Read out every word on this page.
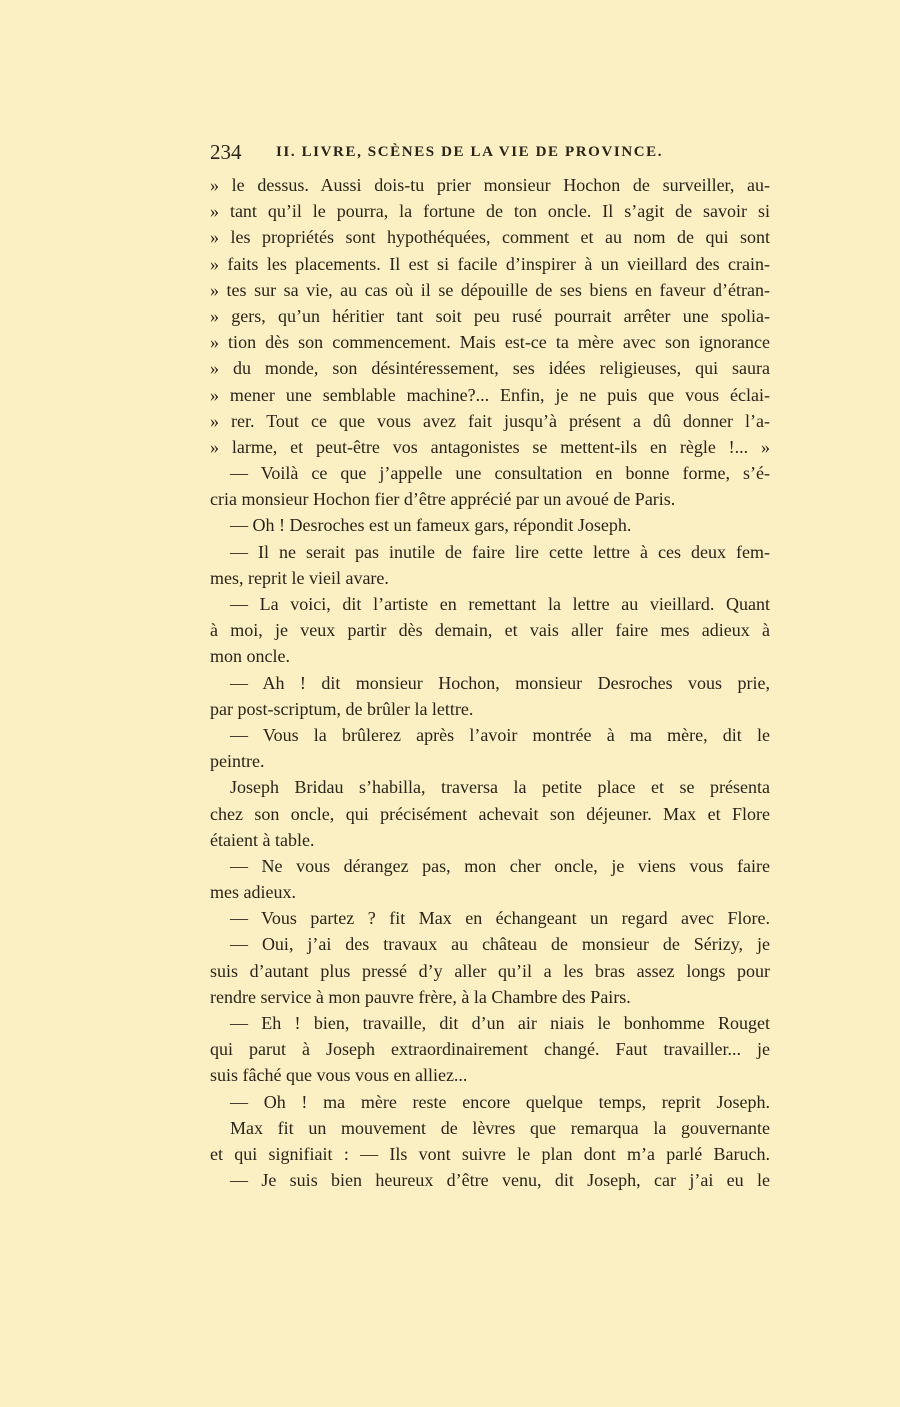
234 II. LIVRE, SCÈNES DE LA VIE DE PROVINCE.
» le dessus. Aussi dois-tu prier monsieur Hochon de surveiller, au-
» tant qu’il le pourra, la fortune de ton oncle. Il s’agit de savoir si
» les propriétés sont hypothéquées, comment et au nom de qui sont
» faits les placements. Il est si facile d’inspirer à un vieillard des crain-
» tes sur sa vie, au cas où il se dépouille de ses biens en faveur d’étran-
» gers, qu’un héritier tant soit peu rusé pourrait arrêter une spolia-
» tion dès son commencement. Mais est-ce ta mère avec son ignorance
» du monde, son désintéressement, ses idées religieuses, qui saura
» mener une semblable machine?... Enfin, je ne puis que vous éclai-
» rer. Tout ce que vous avez fait jusqu’à présent a dû donner l’a-
» larme, et peut-être vos antagonistes se mettent-ils en règle !... »
— Voilà ce que j’appelle une consultation en bonne forme, s’é-
cria monsieur Hochon fier d’être apprécié par un avoué de Paris.
— Oh ! Desroches est un fameux gars, répondit Joseph.
— Il ne serait pas inutile de faire lire cette lettre à ces deux fem-
mes, reprit le vieil avare.
— La voici, dit l’artiste en remettant la lettre au vieillard. Quant
à moi, je veux partir dès demain, et vais aller faire mes adieux à
mon oncle.
— Ah ! dit monsieur Hochon, monsieur Desroches vous prie,
par post-scriptum, de brûler la lettre.
— Vous la brûlerez après l’avoir montrée à ma mère, dit le
peintre.
Joseph Bridau s’habilla, traversa la petite place et se présenta
chez son oncle, qui précisément achevait son déjeuner. Max et Flore
étaient à table.
— Ne vous dérangez pas, mon cher oncle, je viens vous faire
mes adieux.
— Vous partez ? fit Max en échangeant un regard avec Flore.
— Oui, j’ai des travaux au château de monsieur de Sérizy, je
suis d’autant plus pressé d’y aller qu’il a les bras assez longs pour
rendre service à mon pauvre frère, à la Chambre des Pairs.
— Eh ! bien, travaille, dit d’un air niais le bonhomme Rouget
qui parut à Joseph extraordinairement changé. Faut travailler... je
suis fâché que vous vous en alliez...
— Oh ! ma mère reste encore quelque temps, reprit Joseph.
Max fit un mouvement de lèvres que remarqua la gouvernante
et qui signifiait : — Ils vont suivre le plan dont m’a parlé Baruch.
— Je suis bien heureux d’être venu, dit Joseph, car j’ai eu le
